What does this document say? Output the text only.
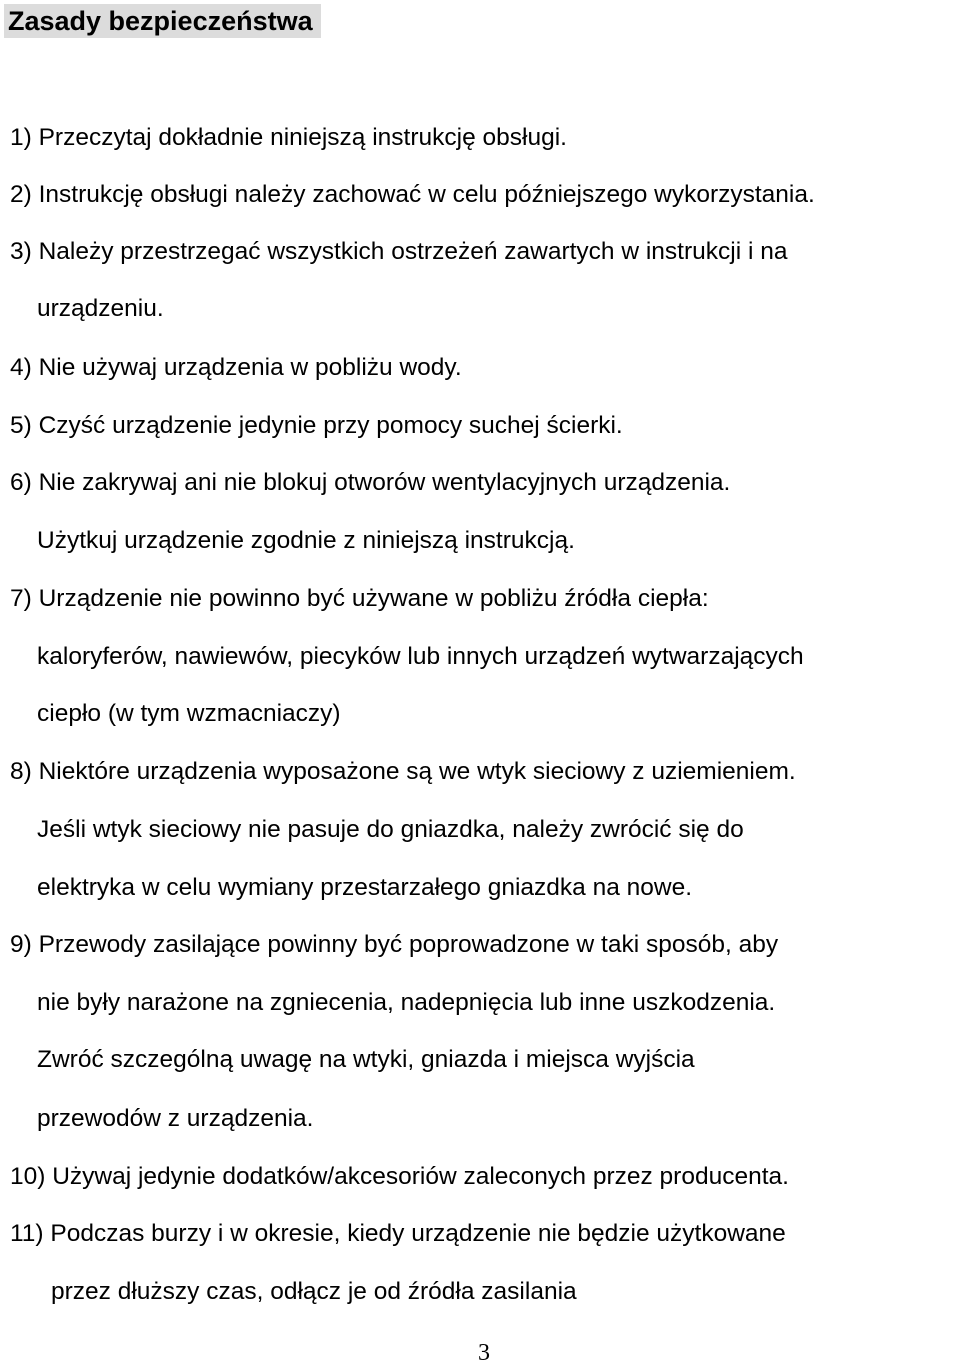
Zasady bezpieczeństwa
1) Przeczytaj dokładnie niniejszą instrukcję obsługi.
2) Instrukcję obsługi należy zachować w celu późniejszego wykorzystania.
3) Należy przestrzegać wszystkich ostrzeżeń zawartych w instrukcji i na
urządzeniu.
4) Nie używaj urządzenia w pobliżu wody.
5) Czyść urządzenie jedynie przy pomocy suchej ścierki.
6) Nie zakrywaj ani nie blokuj otworów wentylacyjnych urządzenia.
Użytkuj urządzenie zgodnie z niniejszą instrukcją.
7) Urządzenie nie powinno być używane w pobliżu źródła ciepła:
kaloryferów, nawiewów, piecyków lub innych urządzeń wytwarzających
ciepło (w tym wzmacniaczy)
8) Niektóre urządzenia wyposażone są we wtyk sieciowy z uziemieniem.
Jeśli wtyk sieciowy nie pasuje do gniazdka, należy zwrócić się do
elektryka w celu wymiany przestarzałego gniazdka na nowe.
9) Przewody zasilające powinny być poprowadzone w taki sposób, aby
nie były narażone na zgniecenia, nadepnięcia lub inne uszkodzenia.
Zwróć szczególną uwagę na wtyki, gniazda i miejsca wyjścia
przewodów z urządzenia.
10) Używaj jedynie dodatków/akcesoriów zaleconych przez producenta.
11) Podczas burzy i w okresie, kiedy urządzenie nie będzie użytkowane
przez dłuższy czas, odłącz je od źródła zasilania
3
